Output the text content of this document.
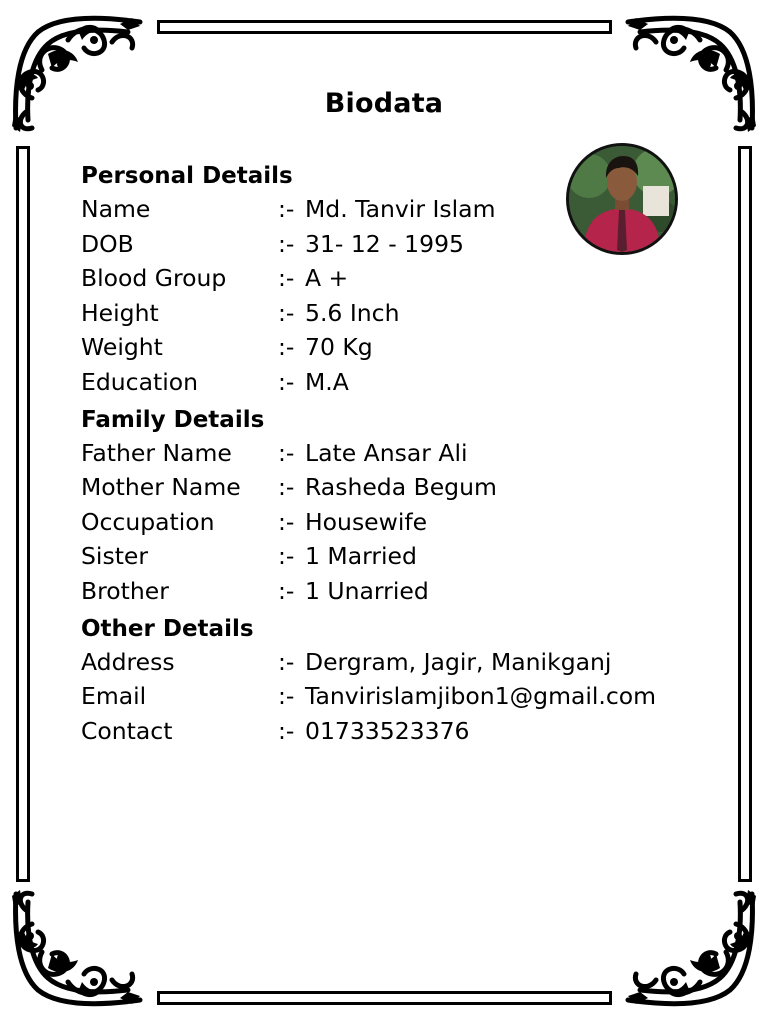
Biodata
Personal Details
Name	:- Md. Tanvir Islam
DOB	:- 31- 12 - 1995
Blood Group :- A +
Height	:- 5.6 Inch
Weight	:- 70 Kg
Education	:- M.A
Family Details
Father Name :- Late Ansar Ali
Mother Name :- Rasheda Begum
Occupation	:- Housewife
Sister	:- 1 Married
Brother	:- 1 Unarried
Other Details
Address	:- Dergram, Jagir, Manikganj
Email	:- Tanvirislamjibon1@gmail.com
Contact	:- 01733523376
